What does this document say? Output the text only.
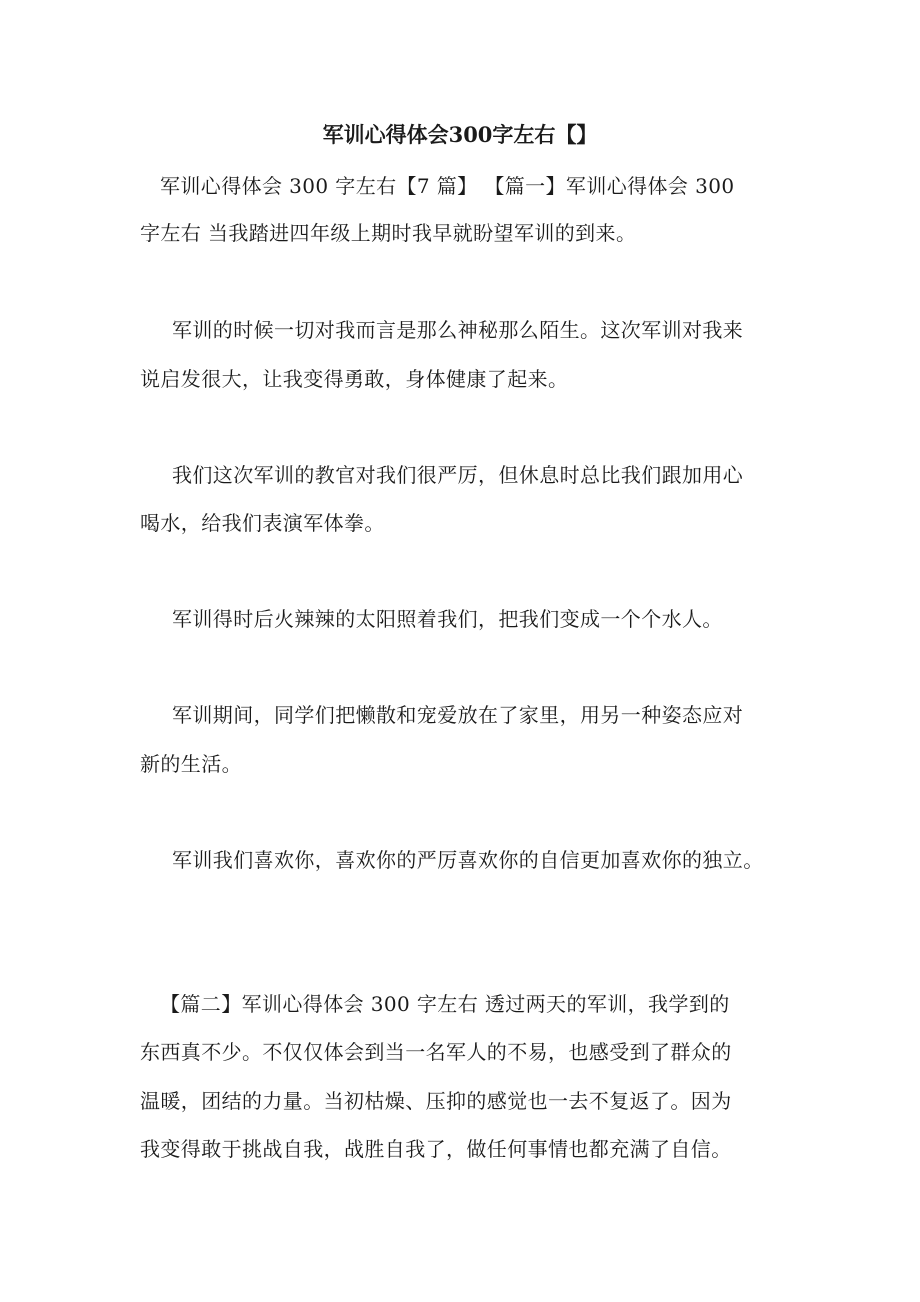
军训心得体会300字左右【】
军训心得体会 300 字左右【7 篇】 【篇一】军训心得体会 300
字左右 当我踏进四年级上期时我早就盼望军训的到来。
军训的时候一切对我而言是那么神秘那么陌生。这次军训对我来
说启发很大，让我变得勇敢，身体健康了起来。
我们这次军训的教官对我们很严厉，但休息时总比我们跟加用心
喝水，给我们表演军体拳。
军训得时后火辣辣的太阳照着我们，把我们变成一个个水人。
军训期间，同学们把懒散和宠爱放在了家里，用另一种姿态应对
新的生活。
军训我们喜欢你，喜欢你的严厉喜欢你的自信更加喜欢你的独立。
【篇二】军训心得体会 300 字左右 透过两天的军训，我学到的
东西真不少。不仅仅体会到当一名军人的不易，也感受到了群众的
温暖，团结的力量。当初枯燥、压抑的感觉也一去不复返了。因为
我变得敢于挑战自我，战胜自我了，做任何事情也都充满了自信。
